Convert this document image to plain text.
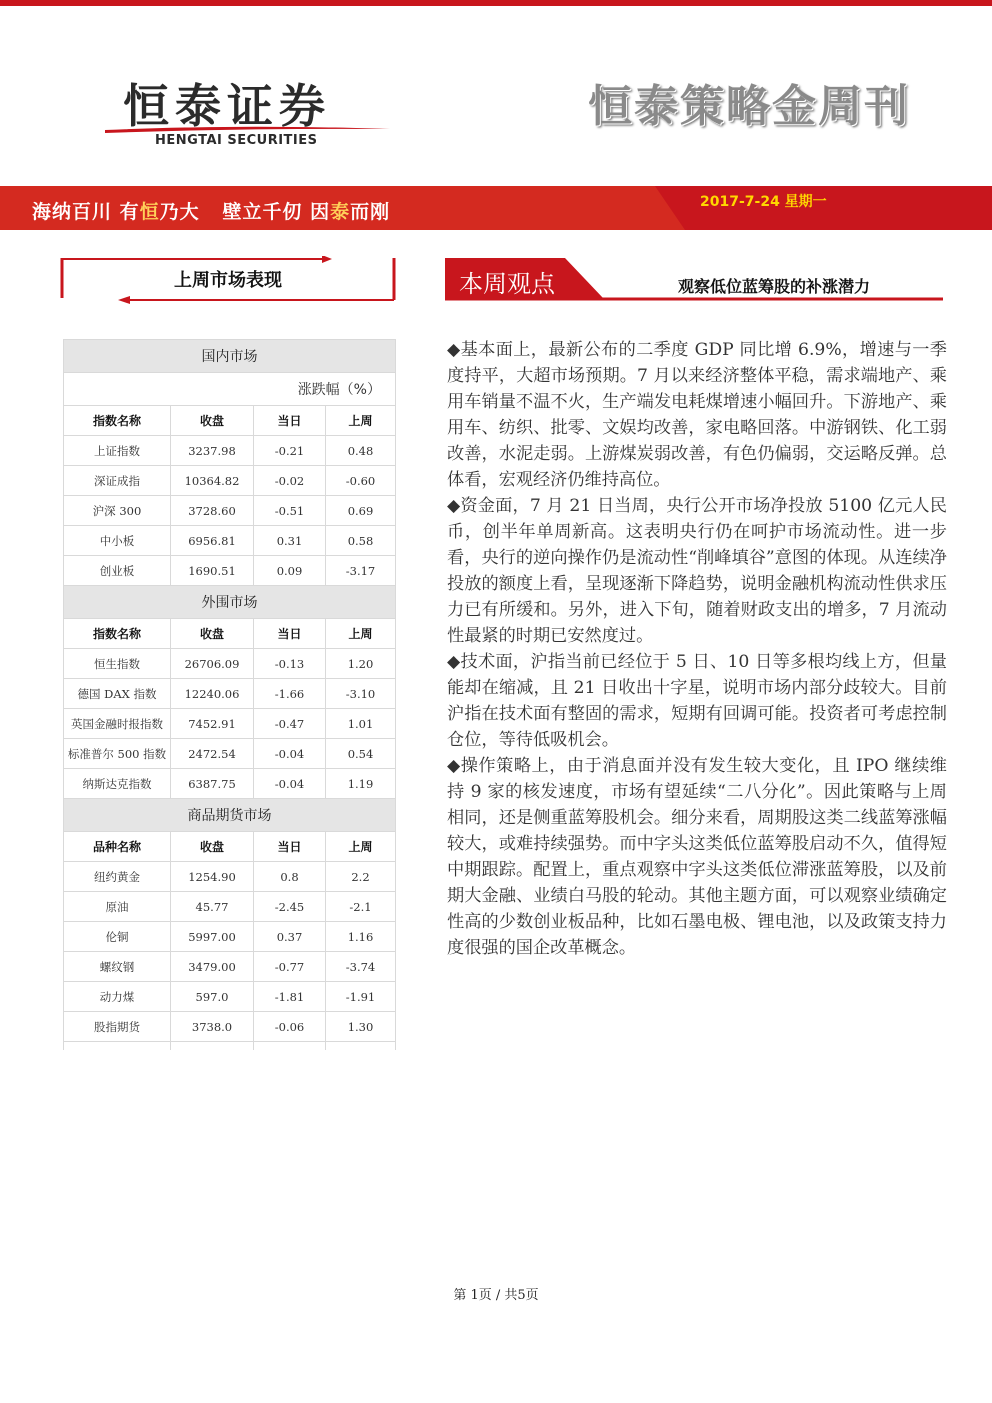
恒泰证券
HENGTAI SECURITIES
恒泰策略金周刊
海纳百川 有恒乃大   壁立千仞 因泰而刚	2017-7-24 星期一
上周市场表现	本周观点	观察低位蓝筹股的补涨潜力
国内市场			
涨跌幅（%）			
指数名称	收盘	当日	上周
上证指数	3237.98	-0.21	0.48
深证成指	10364.82	-0.02	-0.60
沪深 300	3728.60	-0.51	0.69
中小板	6956.81	0.31	0.58
创业板	1690.51	0.09	-3.17
外围市场			
指数名称	收盘	当日	上周
恒生指数	26706.09	-0.13	1.20
德国 DAX 指数	12240.06	-1.66	-3.10
英国金融时报指数	7452.91	-0.47	1.01
标准普尔 500 指数	2472.54	-0.04	0.54
纳斯达克指数	6387.75	-0.04	1.19
商品期货市场			
品种名称	收盘	当日	上周
纽约黄金	1254.90	0.8	2.2
原油	45.77	-2.45	-2.1
伦铜	5997.00	0.37	1.16
螺纹钢	3479.00	-0.77	-3.74
动力煤	597.0	-1.81	-1.91
股指期货	3738.0	-0.06	1.30

◆基本面上，最新公布的二季度 GDP 同比增 6.9%，增速与一季度持平，大超市场预期。7 月以来经济整体平稳，需求端地产、乘用车销量不温不火，生产端发电耗煤增速小幅回升。下游地产、乘用车、纺织、批零、文娱均改善，家电略回落。中游钢铁、化工弱改善，水泥走弱。上游煤炭弱改善，有色仍偏弱，交运略反弹。总体看，宏观经济仍维持高位。

◆资金面，7 月 21 日当周，央行公开市场净投放 5100 亿元人民币，创半年单周新高。这表明央行仍在呵护市场流动性。进一步看，央行的逆向操作仍是流动性“削峰填谷”意图的体现。从连续净投放的额度上看，呈现逐渐下降趋势，说明金融机构流动性供求压力已有所缓和。另外，进入下旬，随着财政支出的增多，7 月流动性最紧的时期已安然度过。

◆技术面，沪指当前已经位于 5 日、10 日等多根均线上方，但量能却在缩减，且 21 日收出十字星，说明市场内部分歧较大。目前沪指在技术面有整固的需求，短期有回调可能。投资者可考虑控制仓位，等待低吸机会。

◆操作策略上，由于消息面并没有发生较大变化，且 IPO 继续维持 9 家的核发速度，市场有望延续“二八分化”。因此策略与上周相同，还是侧重蓝筹股机会。细分来看，周期股这类二线蓝筹涨幅较大，或难持续强势。而中字头这类低位蓝筹股启动不久，值得短中期跟踪。配置上，重点观察中字头这类低位滞涨蓝筹股，以及前期大金融、业绩白马股的轮动。其他主题方面，可以观察业绩确定性高的少数创业板品种，比如石墨电极、锂电池，以及政策支持力度很强的国企改革概念。

第 1页 / 共5页
